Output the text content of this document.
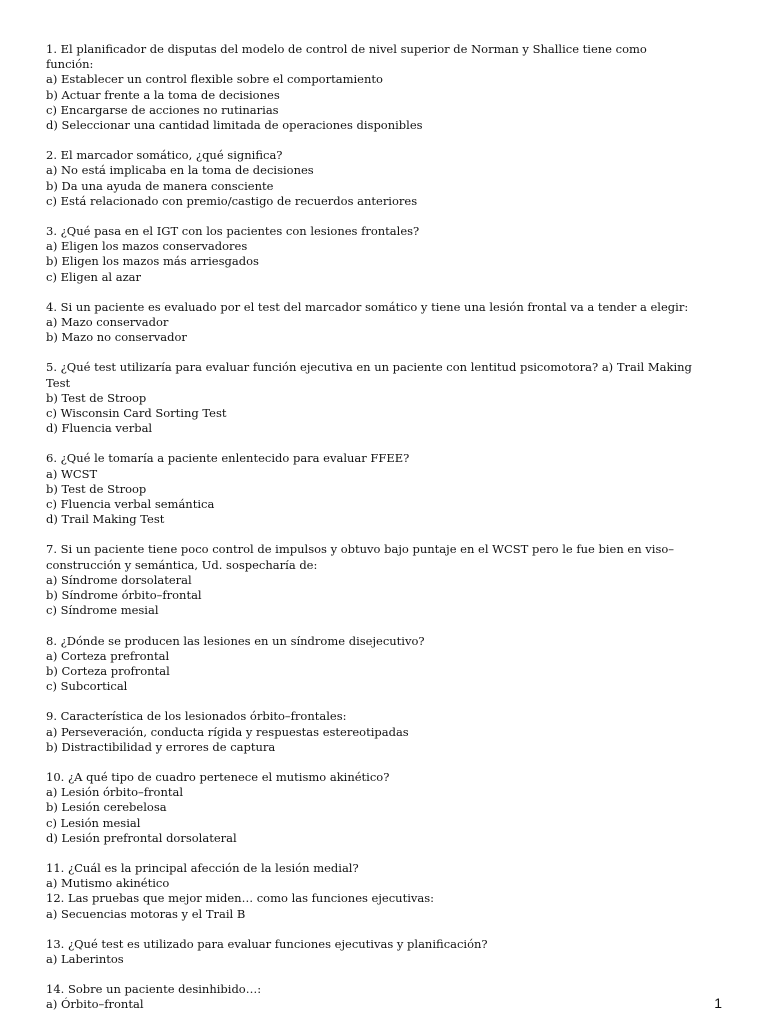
1. El planificador de disputas del modelo de control de nivel superior de Norman y Shallice tiene como función:
a) Establecer un control flexible sobre el comportamiento
b) Actuar frente a la toma de decisiones
c) Encargarse de acciones no rutinarias
d) Seleccionar una cantidad limitada de operaciones disponibles
2. El marcador somático, ¿qué significa?
a) No está implicaba en la toma de decisiones
b) Da una ayuda de manera consciente
c) Está relacionado con premio/castigo de recuerdos anteriores
3. ¿Qué pasa en el IGT con los pacientes con lesiones frontales?
a) Eligen los mazos conservadores
b) Eligen los mazos más arriesgados
c) Eligen al azar
4. Si un paciente es evaluado por el test del marcador somático y tiene una lesión frontal va a tender a elegir: a) Mazo conservador
b) Mazo no conservador
5. ¿Qué test utilizaría para evaluar función ejecutiva en un paciente con lentitud psicomotora? a) Trail Making Test
b) Test de Stroop
c) Wisconsin Card Sorting Test
d) Fluencia verbal
6. ¿Qué le tomaría a paciente enlentecido para evaluar FFEE?
a) WCST
b) Test de Stroop
c) Fluencia verbal semántica
d) Trail Making Test
7. Si un paciente tiene poco control de impulsos y obtuvo bajo puntaje en el WCST pero le fue bien en viso–construcción y semántica, Ud. sospecharía de:
a) Síndrome dorsolateral
b) Síndrome órbito–frontal
c) Síndrome mesial
8. ¿Dónde se producen las lesiones en un síndrome disejecutivo?
a) Corteza prefrontal
b) Corteza profrontal
c) Subcortical
9. Característica de los lesionados órbito–frontales:
a) Perseveración, conducta rígida y respuestas estereotipadas
b) Distractibilidad y errores de captura
10. ¿A qué tipo de cuadro pertenece el mutismo akinético?
a) Lesión órbito–frontal
b) Lesión cerebelosa
c) Lesión mesial
d) Lesión prefrontal dorsolateral
11. ¿Cuál es la principal afección de la lesión medial?
a) Mutismo akinético
12. Las pruebas que mejor miden… como las funciones ejecutivas:
a) Secuencias motoras y el Trail B
13. ¿Qué test es utilizado para evaluar funciones ejecutivas y planificación?
a) Laberintos
14. Sobre un paciente desinhibido…:
a) Órbito–frontal	1
